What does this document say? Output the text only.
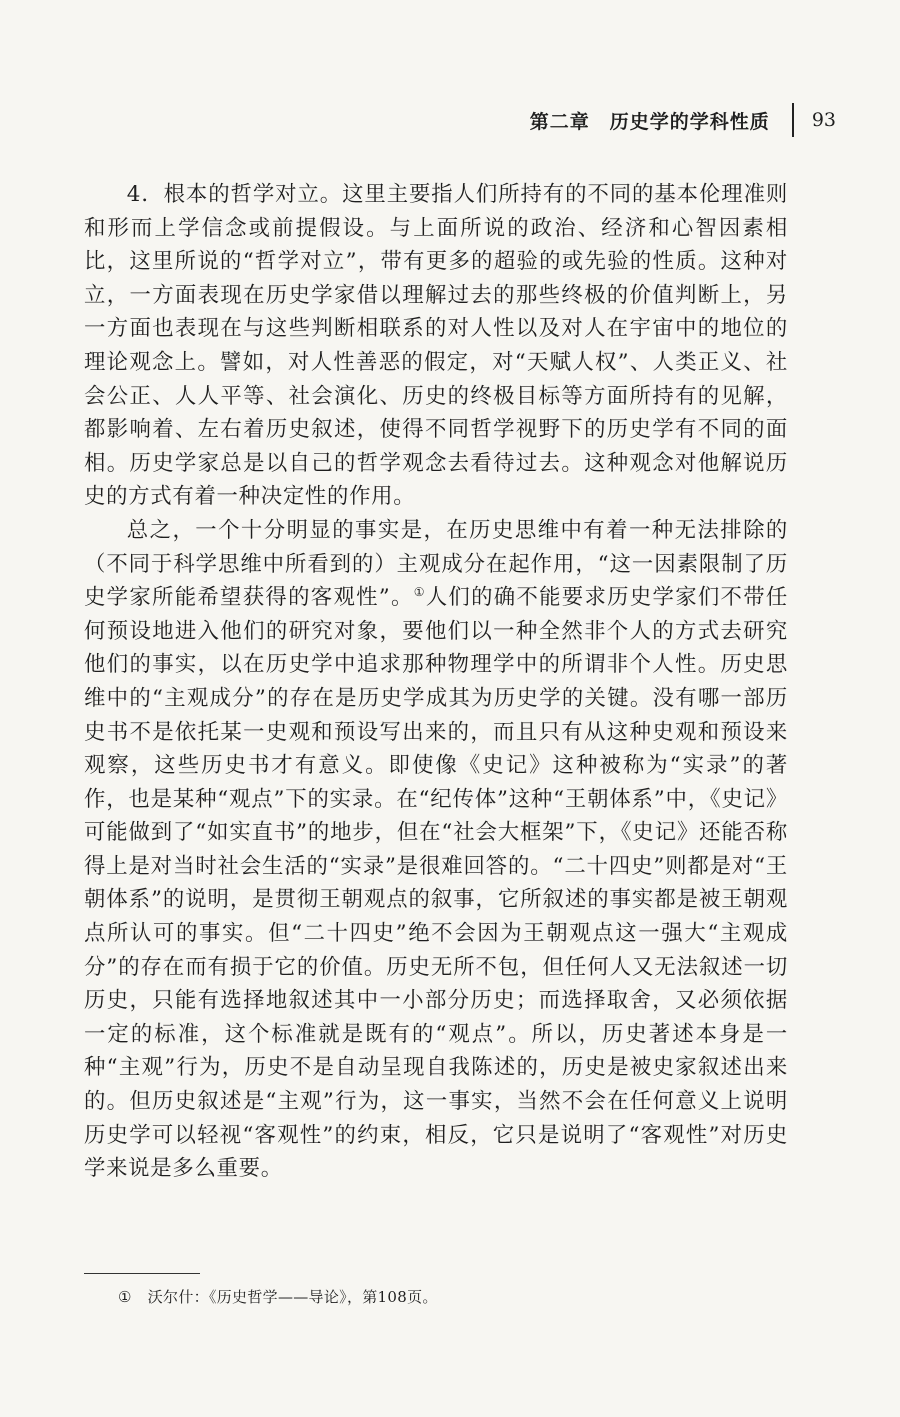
第二章 历史学的学科性质 93

4．根本的哲学对立。这里主要指人们所持有的不同的基本伦理准则和形而上学信念或前提假设。与上面所说的政治、经济和心智因素相比，这里所说的“哲学对立”，带有更多的超验的或先验的性质。这种对立，一方面表现在历史学家借以理解过去的那些终极的价值判断上，另一方面也表现在与这些判断相联系的对人性以及对人在宇宙中的地位的理论观念上。譬如，对人性善恶的假定，对“天赋人权”、人类正义、社会公正、人人平等、社会演化、历史的终极目标等方面所持有的见解，都影响着、左右着历史叙述，使得不同哲学视野下的历史学有不同的面相。历史学家总是以自己的哲学观念去看待过去。这种观念对他解说历史的方式有着一种决定性的作用。

总之，一个十分明显的事实是，在历史思维中有着一种无法排除的（不同于科学思维中所看到的）主观成分在起作用，“这一因素限制了历史学家所能希望获得的客观性”。①人们的确不能要求历史学家们不带任何预设地进入他们的研究对象，要他们以一种全然非个人的方式去研究他们的事实，以在历史学中追求那种物理学中的所谓非个人性。历史思维中的“主观成分”的存在是历史学成其为历史学的关键。没有哪一部历史书不是依托某一史观和预设写出来的，而且只有从这种史观和预设来观察，这些历史书才有意义。即使像《史记》这种被称为“实录”的著作，也是某种“观点”下的实录。在“纪传体”这种“王朝体系”中，《史记》可能做到了“如实直书”的地步，但在“社会大框架”下，《史记》还能否称得上是对当时社会生活的“实录”是很难回答的。“二十四史”则都是对“王朝体系”的说明，是贯彻王朝观点的叙事，它所叙述的事实都是被王朝观点所认可的事实。但“二十四史”绝不会因为王朝观点这一强大“主观成分”的存在而有损于它的价值。历史无所不包，但任何人又无法叙述一切历史，只能有选择地叙述其中一小部分历史；而选择取舍，又必须依据一定的标准，这个标准就是既有的“观点”。所以，历史著述本身是一种“主观”行为，历史不是自动呈现自我陈述的，历史是被史家叙述出来的。但历史叙述是“主观”行为，这一事实，当然不会在任何意义上说明历史学可以轻视“客观性”的约束，相反，它只是说明了“客观性”对历史学来说是多么重要。

① 沃尔什：《历史哲学——导论》，第108页。
